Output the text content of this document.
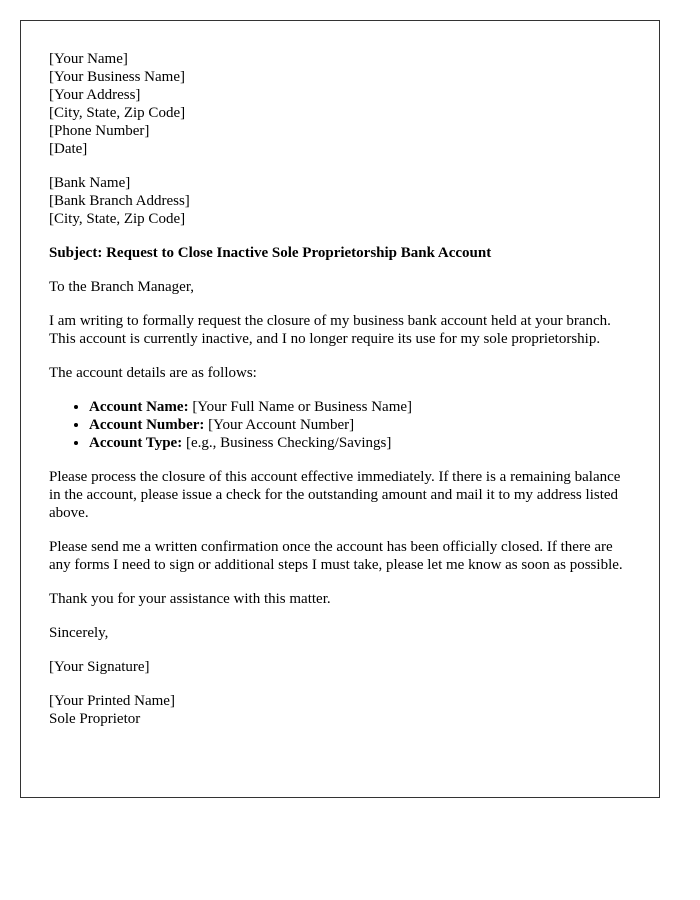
[Your Name]
[Your Business Name]
[Your Address]
[City, State, Zip Code]
[Phone Number]
[Date]
[Bank Name]
[Bank Branch Address]
[City, State, Zip Code]

Subject: Request to Close Inactive Sole Proprietorship Bank Account

To the Branch Manager,

I am writing to formally request the closure of my business bank account held at your branch. This account is currently inactive, and I no longer require its use for my sole proprietorship.

The account details are as follows:

• Account Name: [Your Full Name or Business Name]
• Account Number: [Your Account Number]
• Account Type: [e.g., Business Checking/Savings]

Please process the closure of this account effective immediately. If there is a remaining balance in the account, please issue a check for the outstanding amount and mail it to my address listed above.

Please send me a written confirmation once the account has been officially closed. If there are any forms I need to sign or additional steps I must take, please let me know as soon as possible.

Thank you for your assistance with this matter.

Sincerely,

[Your Signature]

[Your Printed Name]
Sole Proprietor
